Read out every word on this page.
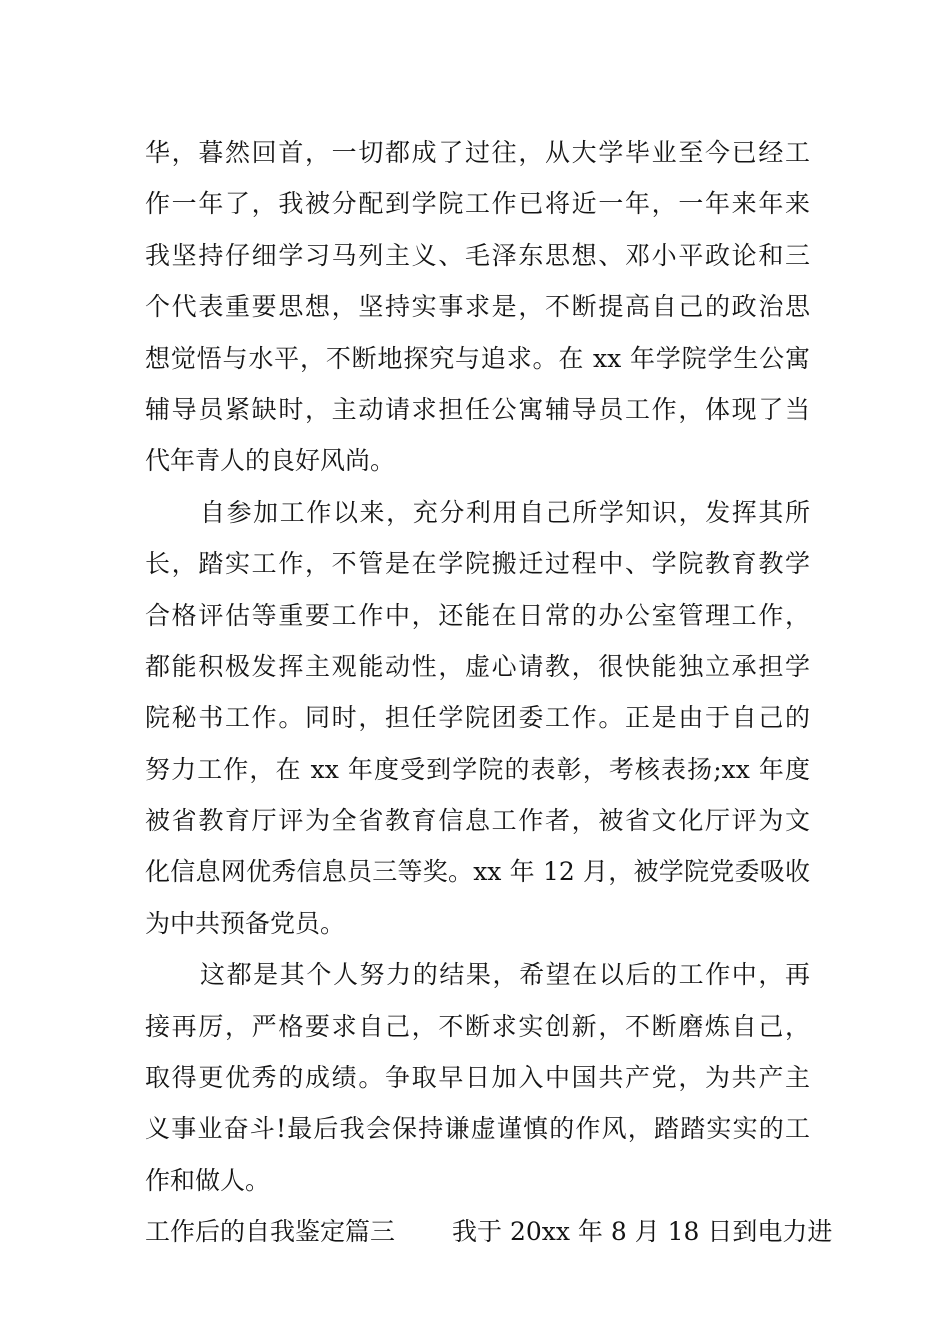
华，暮然回首，一切都成了过往，从大学毕业至今已经工
作一年了，我被分配到学院工作已将近一年，一年来年来
我坚持仔细学习马列主义、毛泽东思想、邓小平政论和三
个代表重要思想，坚持实事求是，不断提高自己的政治思
想觉悟与水平，不断地探究与追求。在 xx 年学院学生公寓
辅导员紧缺时，主动请求担任公寓辅导员工作，体现了当
代年青人的良好风尚。
自参加工作以来，充分利用自己所学知识，发挥其所
长，踏实工作，不管是在学院搬迁过程中、学院教育教学
合格评估等重要工作中，还能在日常的办公室管理工作，
都能积极发挥主观能动性，虚心请教，很快能独立承担学
院秘书工作。同时，担任学院团委工作。正是由于自己的
努力工作，在 xx 年度受到学院的表彰，考核表扬;xx 年度
被省教育厅评为全省教育信息工作者，被省文化厅评为文
化信息网优秀信息员三等奖。xx 年 12 月，被学院党委吸收
为中共预备党员。
这都是其个人努力的结果，希望在以后的工作中，再
接再厉，严格要求自己，不断求实创新，不断磨炼自己，
取得更优秀的成绩。争取早日加入中国共产党，为共产主
义事业奋斗!最后我会保持谦虚谨慎的作风，踏踏实实的工
作和做人。
工作后的自我鉴定篇三 我于 20xx 年 8 月 18 日到电力进
